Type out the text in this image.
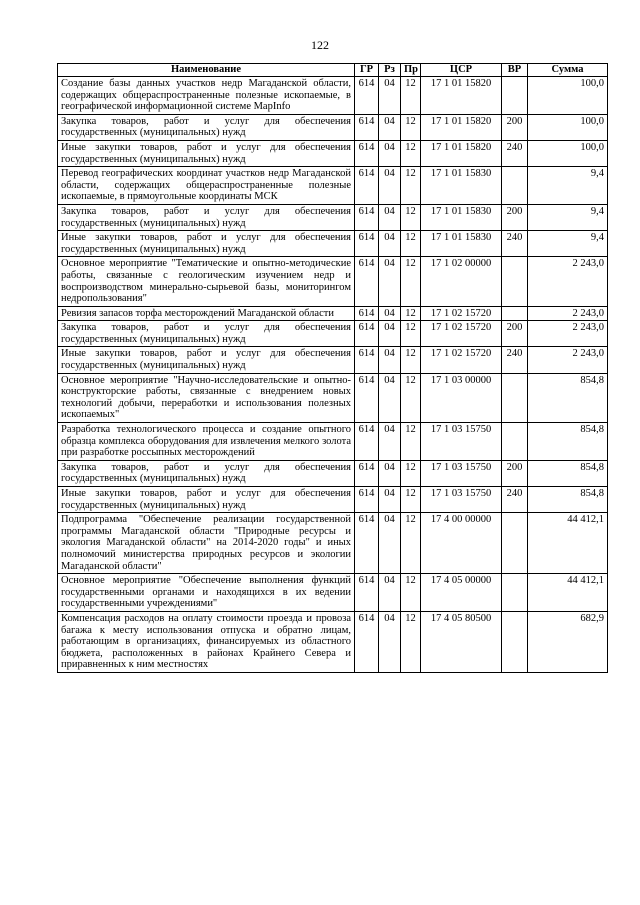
122
Наименование	ГР	Рз	Пр	ЦСР	ВР	Сумма
Создание базы данных участков недр Магаданской области, содержащих общераспространенные полезные ископаемые, в географической информационной системе MapInfo	614	04	12	17 1 01 15820		100,0
Закупка товаров, работ и услуг для обеспечения государственных (муниципальных) нужд	614	04	12	17 1 01 15820	200	100,0
Иные закупки товаров, работ и услуг для обеспечения государственных (муниципальных) нужд	614	04	12	17 1 01 15820	240	100,0
Перевод географических координат участков недр Магаданской области, содержащих общераспространенные полезные ископаемые, в прямоугольные координаты МСК	614	04	12	17 1 01 15830		9,4
Закупка товаров, работ и услуг для обеспечения государственных (муниципальных) нужд	614	04	12	17 1 01 15830	200	9,4
Иные закупки товаров, работ и услуг для обеспечения государственных (муниципальных) нужд	614	04	12	17 1 01 15830	240	9,4
Основное мероприятие "Тематические и опытно-методические работы, связанные с геологическим изучением недр и воспроизводством минерально-сырьевой базы, мониторингом недропользования"	614	04	12	17 1 02 00000		2 243,0
Ревизия запасов торфа месторождений Магаданской области	614	04	12	17 1 02 15720		2 243,0
Закупка товаров, работ и услуг для обеспечения государственных (муниципальных) нужд	614	04	12	17 1 02 15720	200	2 243,0
Иные закупки товаров, работ и услуг для обеспечения государственных (муниципальных) нужд	614	04	12	17 1 02 15720	240	2 243,0
Основное мероприятие "Научно-исследовательские и опытно-конструкторские работы, связанные с внедрением новых технологий добычи, переработки и использования полезных ископаемых"	614	04	12	17 1 03 00000		854,8
Разработка технологического процесса и создание опытного образца комплекса оборудования для извлечения мелкого золота при разработке россыпных месторождений	614	04	12	17 1 03 15750		854,8
Закупка товаров, работ и услуг для обеспечения государственных (муниципальных) нужд	614	04	12	17 1 03 15750	200	854,8
Иные закупки товаров, работ и услуг для обеспечения государственных (муниципальных) нужд	614	04	12	17 1 03 15750	240	854,8
Подпрограмма "Обеспечение реализации государственной программы Магаданской области "Природные ресурсы и экология Магаданской области" на 2014-2020 годы" и иных полномочий министерства природных ресурсов и экологии Магаданской области"	614	04	12	17 4 00 00000		44 412,1
Основное мероприятие "Обеспечение выполнения функций государственными органами и находящихся в их ведении государственными учреждениями"	614	04	12	17 4 05 00000		44 412,1
Компенсация расходов на оплату стоимости проезда и провоза багажа к месту использования отпуска и обратно лицам, работающим в организациях, финансируемых из областного бюджета, расположенных в районах Крайнего Севера и приравненных к ним местностях	614	04	12	17 4 05 80500		682,9
